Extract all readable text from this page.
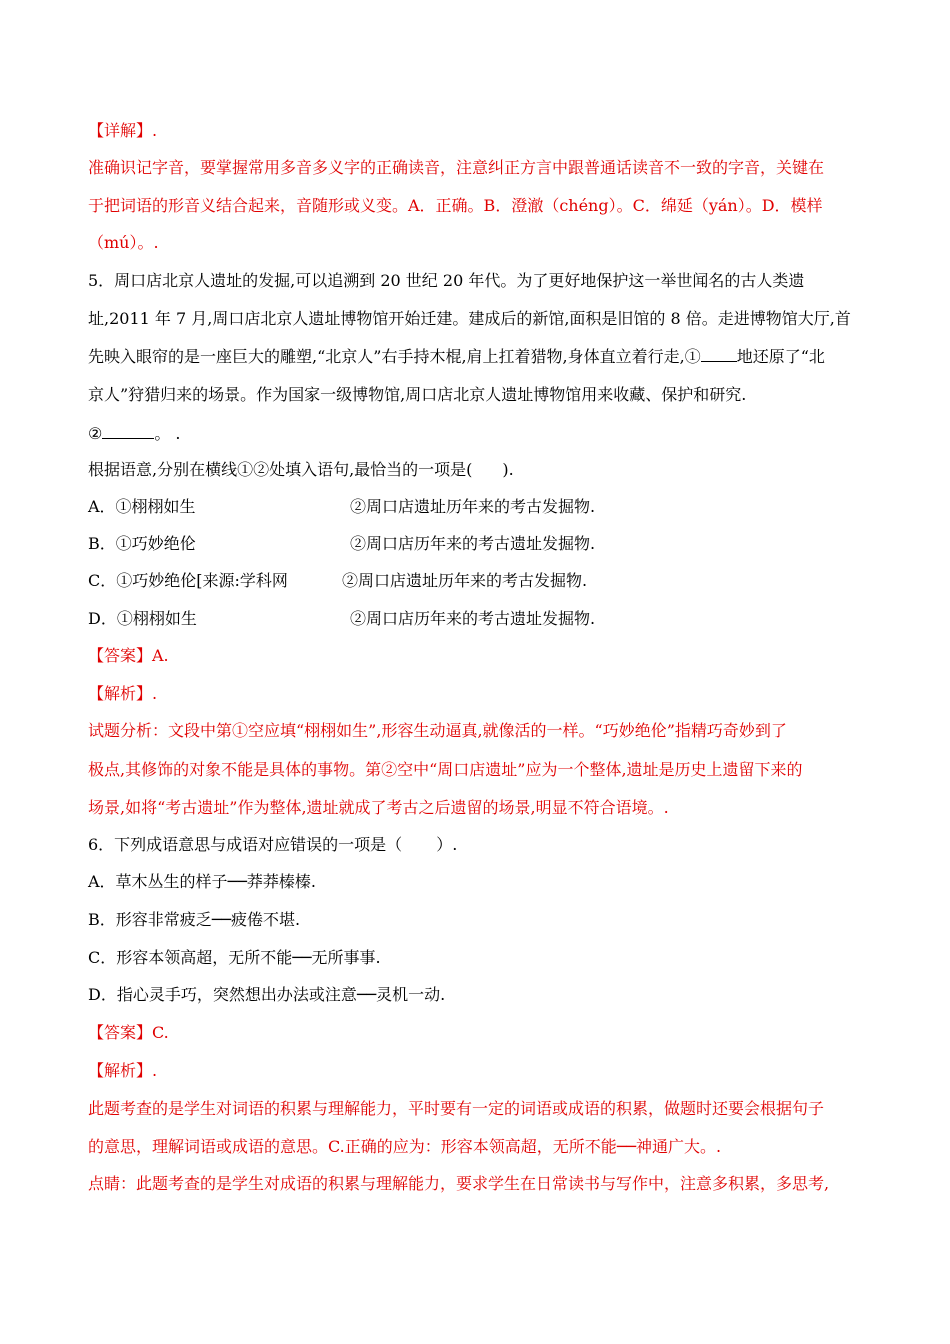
【详解】.
准确识记字音，要掌握常用多音多义字的正确读音，注意纠正方言中跟普通话读音不一致的字音，关键在
于把词语的形音义结合起来，音随形或义变。A．正确。B．澄澈（chéng）。C．绵延（yán）。D．模样
（mú）。.
5．周口店北京人遗址的发掘,可以追溯到 20 世纪 20 年代。为了更好地保护这一举世闻名的古人类遗
址,2011 年 7 月,周口店北京人遗址博物馆开始迁建。建成后的新馆,面积是旧馆的 8 倍。走进博物馆大厅,首
先映入眼帘的是一座巨大的雕塑,“北京人”右手持木棍,肩上扛着猎物,身体直立着行走,① 地还原了“北
京人”狩猎归来的场景。作为国家一级博物馆,周口店北京人遗址博物馆用来收藏、保护和研究.
②	。 .
根据语意,分别在横线①②处填入语句,最恰当的一项是( ).
A．①栩栩如生	②周口店遗址历年来的考古发掘物.
B．①巧妙绝伦	②周口店历年来的考古遗址发掘物.
C．①巧妙绝伦[来源:学科网	②周口店遗址历年来的考古发掘物.
D．①栩栩如生	②周口店历年来的考古遗址发掘物.
【答案】A.
【解析】.
试题分析：文段中第①空应填“栩栩如生”,形容生动逼真,就像活的一样。“巧妙绝伦”指精巧奇妙到了
极点,其修饰的对象不能是具体的事物。第②空中“周口店遗址”应为一个整体,遗址是历史上遗留下来的
场景,如将“考古遗址”作为整体,遗址就成了考古之后遗留的场景,明显不符合语境。.
6．下列成语意思与成语对应错误的一项是（ ）.
A．草木丛生的样子──莽莽榛榛.
B．形容非常疲乏──疲倦不堪.
C．形容本领高超，无所不能──无所事事.
D．指心灵手巧，突然想出办法或注意──灵机一动.
【答案】C.
【解析】.
此题考查的是学生对词语的积累与理解能力，平时要有一定的词语或成语的积累，做题时还要会根据句子
的意思，理解词语或成语的意思。C.正确的应为：形容本领高超，无所不能──神通广大。.
点睛：此题考查的是学生对成语的积累与理解能力，要求学生在日常读书与写作中，注意多积累，多思考,
